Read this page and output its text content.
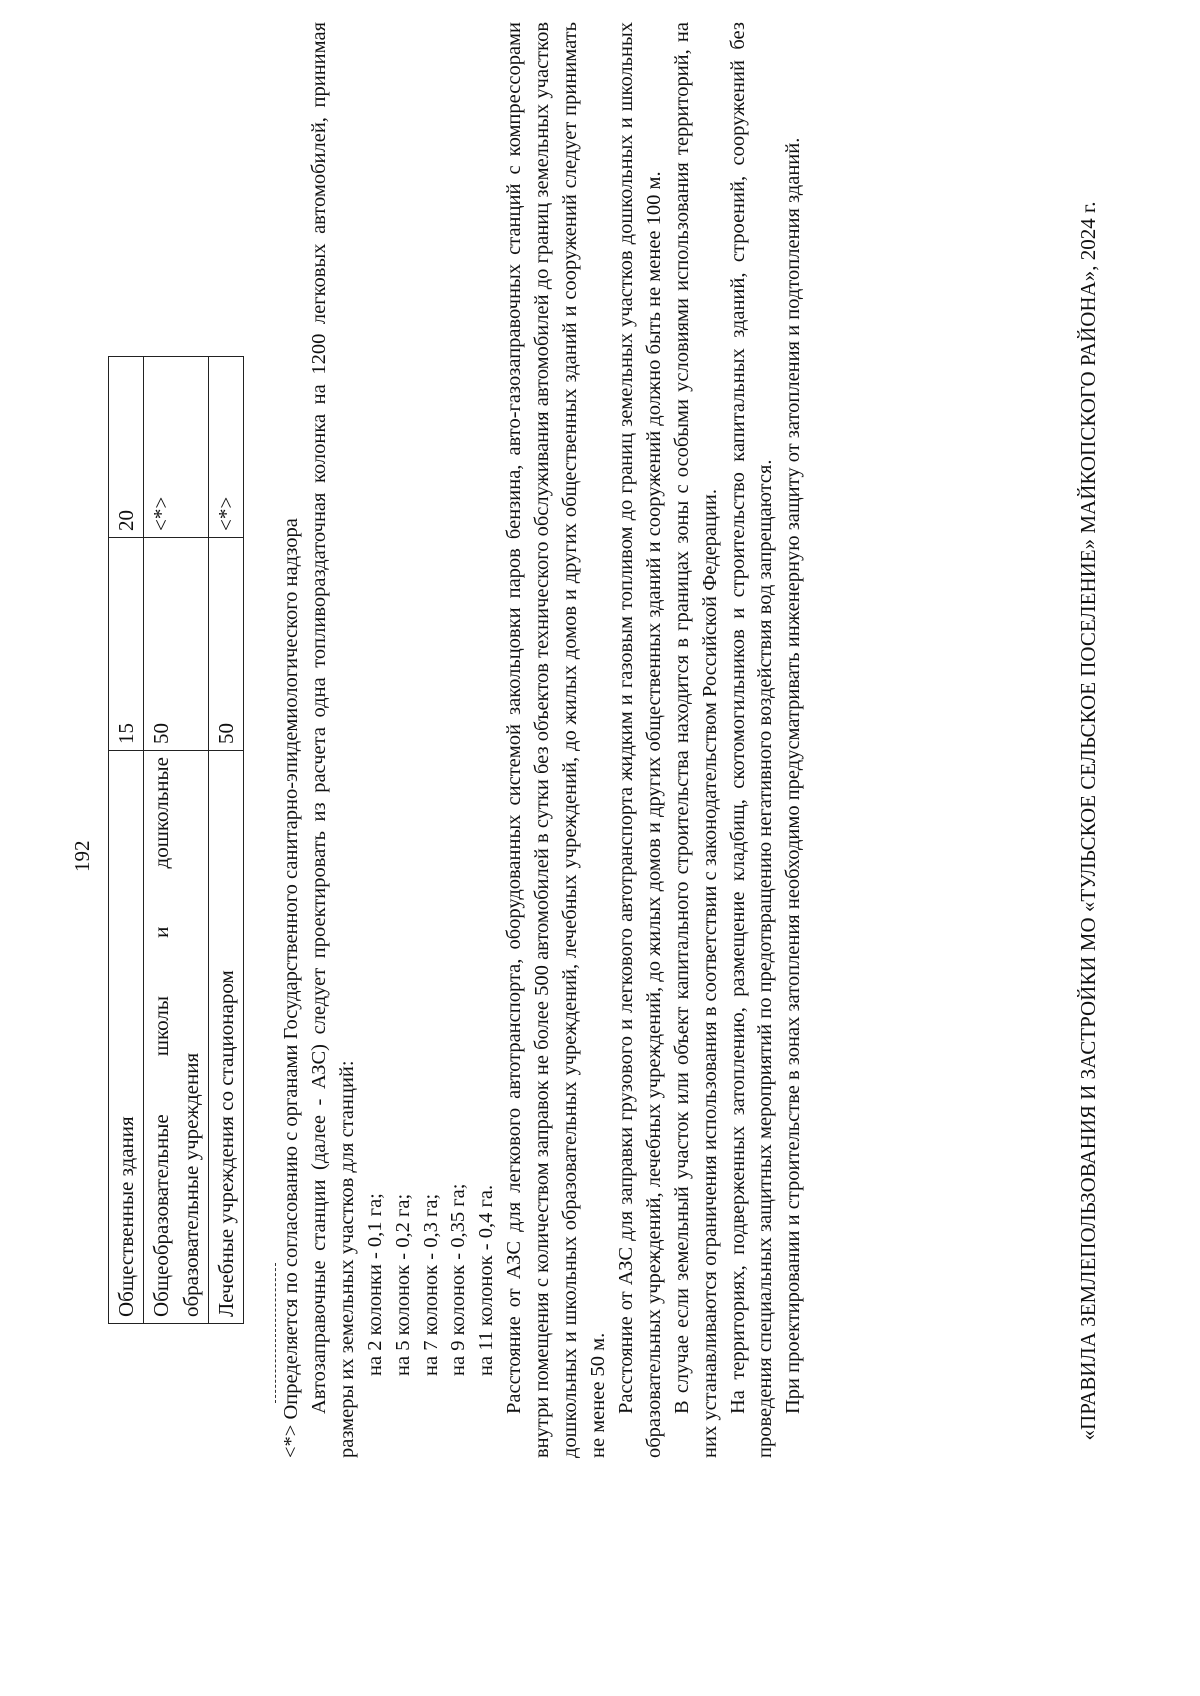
192
Общественные здания	15	20

Общеобразовательные
школы
и
дошкольные
образовательные учреждения	50	<*>
Лечебные учреждения со стационаром	50	<*>

<*> Определяется по согласованию с органами Государственного санитарно-эпидемиологического надзора Автозаправочные станции (далее - АЗС) следует проектировать из расчета одна топливораздаточная колонка на 1200 легковых автомобилей, принимая размеры их земельных участков для станций: на 2 колонки - 0,1 га; на 5 колонок - 0,2 га; на 7 колонок - 0,3 га; на 9 колонок - 0,35 га; на 11 колонок - 0,4 га. Расстояние от АЗС для легкового автотранспорта, оборудованных системой закольцовки паров бензина, авто-газозаправочных станций с компрессорами внутри помещения с количеством заправок не более 500 автомобилей в сутки без объектов технического обслуживания автомобилей до границ земельных участков дошкольных и школьных образовательных учреждений, лечебных учреждений, до жилых домов и других общественных зданий и сооружений следует принимать не менее 50 м. Расстояние от АЗС для заправки грузового и легкового автотранспорта жидким и газовым топливом до границ земельных участков дошкольных и школьных образовательных учреждений, лечебных учреждений, до жилых домов и других общественных зданий и сооружений должно быть не менее 100 м. В случае если земельный участок или объект капитального строительства находится в границах зоны с особыми условиями использования территорий, на них устанавливаются ограничения использования в соответствии с законодательством Российской Федерации. На территориях, подверженных затоплению, размещение кладбищ, скотомогильников и строительство капитальных зданий, строений, сооружений без проведения специальных защитных мероприятий по предотвращению негативного воздействия вод запрещаются. При проектировании и строительстве в зонах затопления необходимо предусматривать инженерную защиту от затопления и подтопления зданий.	«ПРАВИЛА ЗЕМЛЕПОЛЬЗОВАНИЯ И ЗАСТРОЙКИ МО «ТУЛЬСКОЕ СЕЛЬСКОЕ ПОСЕЛЕНИЕ» МАЙКОПСКОГО РАЙОНА», 2024 г.
